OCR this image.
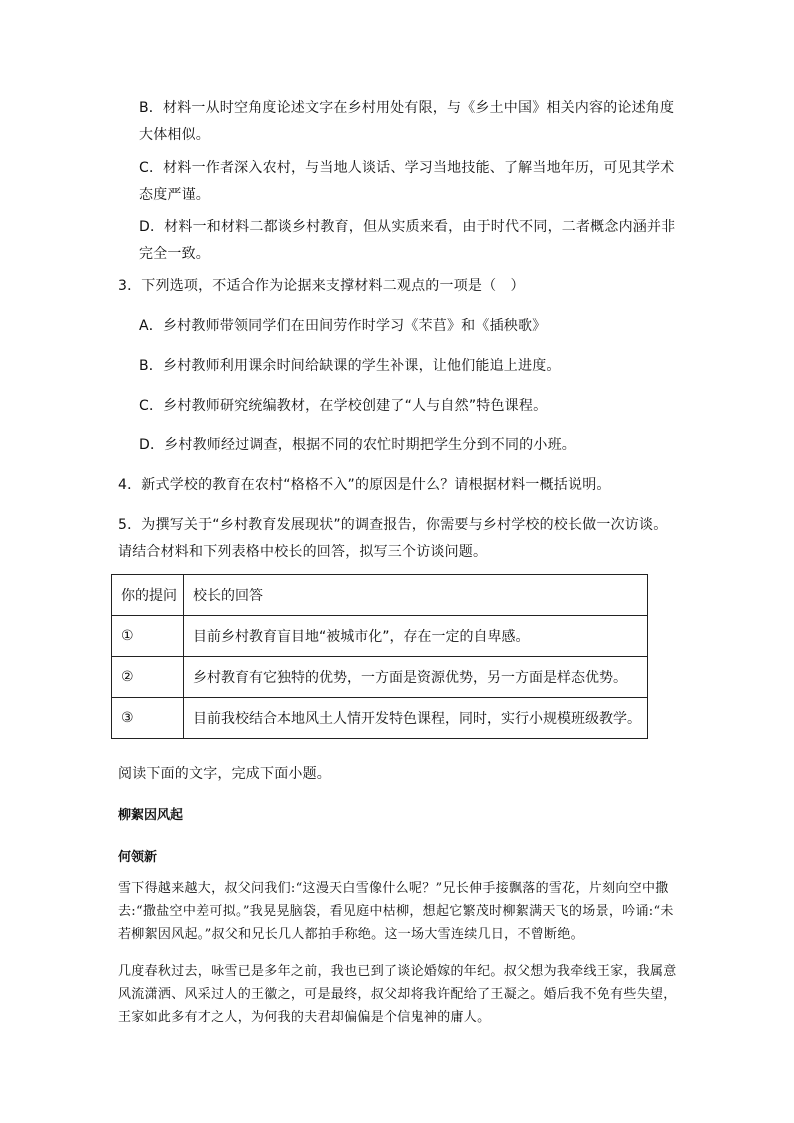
B．材料一从时空角度论述文字在乡村用处有限，与《乡土中国》相关内容的论述角度大体相似。
C．材料一作者深入农村，与当地人谈话、学习当地技能、了解当地年历，可见其学术态度严谨。
D．材料一和材料二都谈乡村教育，但从实质来看，由于时代不同，二者概念内涵并非完全一致。
3．下列选项，不适合作为论据来支撑材料二观点的一项是（　）
A．乡村教师带领同学们在田间劳作时学习《芣苢》和《插秧歌》
B．乡村教师利用课余时间给缺课的学生补课，让他们能追上进度。
C．乡村教师研究统编教材，在学校创建了“人与自然”特色课程。
D．乡村教师经过调查，根据不同的农忙时期把学生分到不同的小班。
4．新式学校的教育在农村“格格不入”的原因是什么？请根据材料一概括说明。
5．为撰写关于“乡村教育发展现状”的调查报告，你需要与乡村学校的校长做一次访谈。请结合材料和下列表格中校长的回答，拟写三个访谈问题。
你的提问	校长的回答
①	目前乡村教育盲目地“被城市化”，存在一定的自卑感。
②	乡村教育有它独特的优势，一方面是资源优势，另一方面是样态优势。
③	目前我校结合本地风土人情开发特色课程，同时，实行小规模班级教学。
阅读下面的文字，完成下面小题。
柳絮因风起
何领新
雪下得越来越大，叔父问我们:“这漫天白雪像什么呢？”兄长伸手接飘落的雪花，片刻向空中撒去:“撒盐空中差可拟。”我晃晃脑袋，看见庭中枯柳，想起它繁茂时柳絮满天飞的场景，吟诵:“未若柳絮因风起。”叔父和兄长几人都拍手称绝。这一场大雪连续几日，不曾断绝。
几度春秋过去，咏雪已是多年之前，我也已到了谈论婚嫁的年纪。叔父想为我牵线王家，我属意风流潇洒、风采过人的王徽之，可是最终，叔父却将我许配给了王凝之。婚后我不免有些失望，王家如此多有才之人，为何我的夫君却偏偏是个信鬼神的庸人。
